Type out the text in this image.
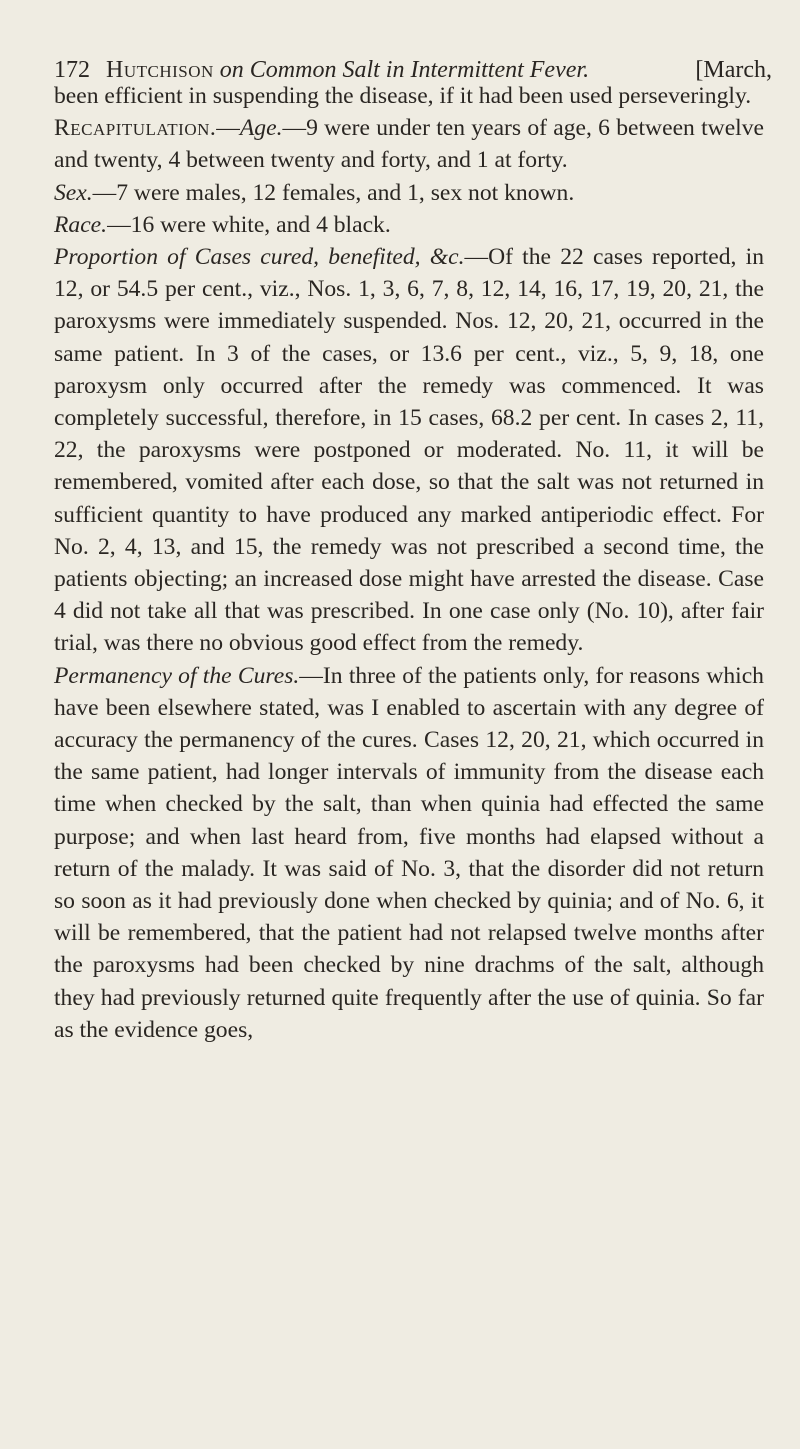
172 Hutchison on Common Salt in Intermittent Fever.	[March,

been efficient in suspending the disease, if it had been used perseveringly.

Recapitulation.—Age.—9 were under ten years of age, 6 between twelve and twenty, 4 between twenty and forty, and 1 at forty.

Sex.—7 were males, 12 females, and 1, sex not known.

Race.—16 were white, and 4 black.

Proportion of Cases cured, benefited, &c.—Of the 22 cases reported, in 12, or 54.5 per cent., viz., Nos. 1, 3, 6, 7, 8, 12, 14, 16, 17, 19, 20, 21, the paroxysms were immediately suspended. Nos. 12, 20, 21, occurred in the same patient. In 3 of the cases, or 13.6 per cent., viz., 5, 9, 18, one paroxysm only occurred after the remedy was commenced. It was completely successful, therefore, in 15 cases, 68.2 per cent. In cases 2, 11, 22, the paroxysms were postponed or moderated. No. 11, it will be remembered, vomited after each dose, so that the salt was not returned in sufficient quantity to have produced any marked antiperiodic effect. For No. 2, 4, 13, and 15, the remedy was not prescribed a second time, the patients objecting; an increased dose might have arrested the disease. Case 4 did not take all that was prescribed. In one case only (No. 10), after fair trial, was there no obvious good effect from the remedy.

Permanency of the Cures.—In three of the patients only, for reasons which have been elsewhere stated, was I enabled to ascertain with any degree of accuracy the permanency of the cures. Cases 12, 20, 21, which occurred in the same patient, had longer intervals of immunity from the disease each time when checked by the salt, than when quinia had effected the same purpose; and when last heard from, five months had elapsed without a return of the malady. It was said of No. 3, that the disorder did not return so soon as it had previously done when checked by quinia; and of No. 6, it will be remembered, that the patient had not relapsed twelve months after the paroxysms had been checked by nine drachms of the salt, although they had previously returned quite frequently after the use of quinia. So far as the evidence goes,
